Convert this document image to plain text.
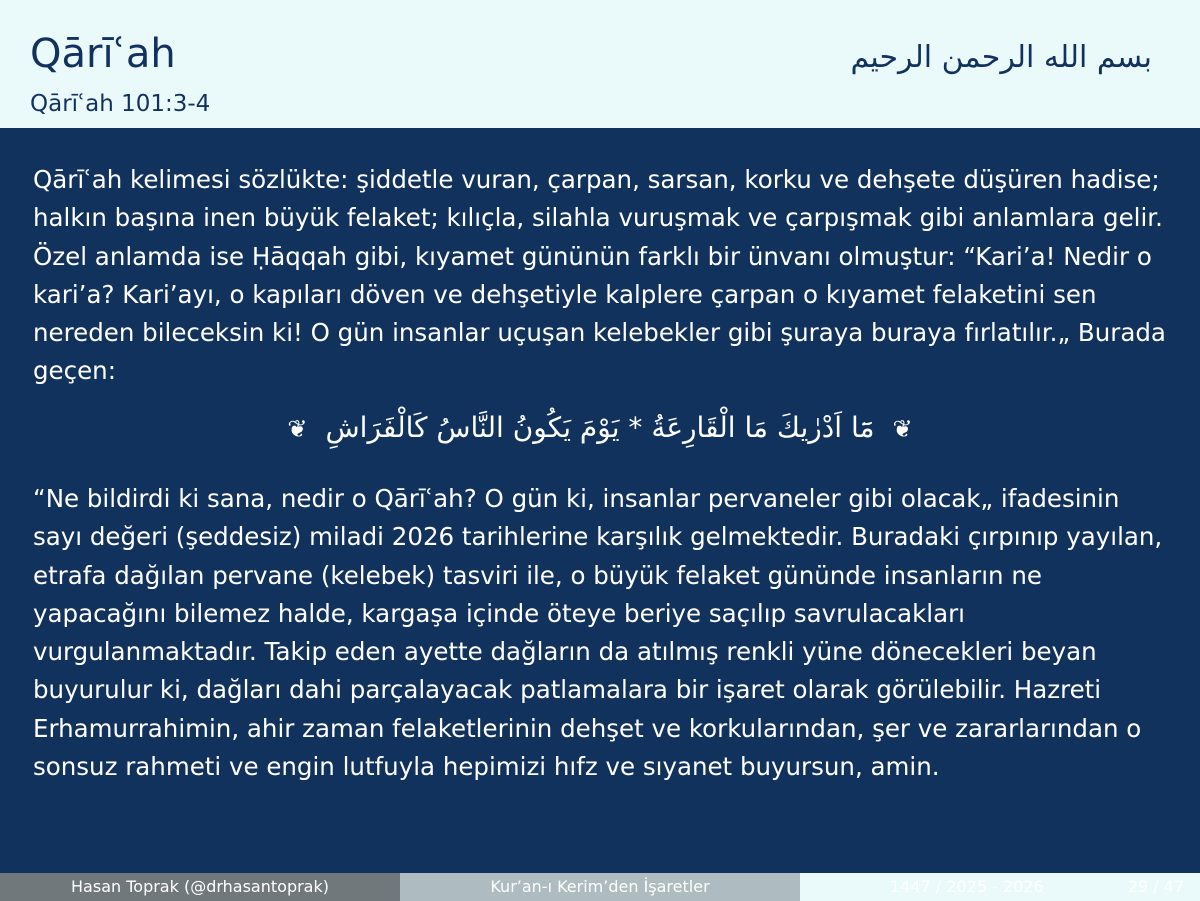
Qārīʿah
Qārīʿah 101:3-4
بسم الله الرحمن الرحيم

Qārīʿah kelimesi sözlükte: şiddetle vuran, çarpan, sarsan, korku ve dehşete düşüren hadise; halkın başına inen büyük felaket; kılıçla, silahla vuruşmak ve çarpışmak gibi anlamlara gelir. Özel anlamda ise Ḥāqqah gibi, kıyamet gününün farklı bir ünvanı olmuştur: “Kari’a! Nedir o kari’a? Kari’ayı, o kapıları döven ve dehşetiyle kalplere çarpan o kıyamet felaketini sen nereden bileceksin ki! O gün insanlar uçuşan kelebekler gibi şuraya buraya fırlatılır.„ Burada geçen:

❦ مَٓا اَدْرٰيكَ مَا الْقَارِعَةُ * يَوْمَ يَكُونُ النَّاسُ كَالْفَرَاشِ ❦

“Ne bildirdi ki sana, nedir o Qārīʿah? O gün ki, insanlar pervaneler gibi olacak„ ifadesinin sayı değeri (şeddesiz) miladi 2026 tarihlerine karşılık gelmektedir. Buradaki çırpınıp yayılan, etrafa dağılan pervane (kelebek) tasviri ile, o büyük felaket gününde insanların ne yapacağını bilemez halde, kargaşa içinde öteye beriye saçılıp savrulacakları vurgulanmaktadır. Takip eden ayette dağların da atılmış renkli yüne dönecekleri beyan buyurulur ki, dağları dahi parçalayacak patlamalara bir işaret olarak görülebilir. Hazreti Erhamurrahimin, ahir zaman felaketlerinin dehşet ve korkularından, şer ve zararlarından o sonsuz rahmeti ve engin lutfuyla hepimizi hıfz ve sıyanet buyursun, amin.

Hasan Toprak (@drhasantoprak)	Kur’an-ı Kerim’den İşaretler	1447 / 2025 - 2026	29 / 47
